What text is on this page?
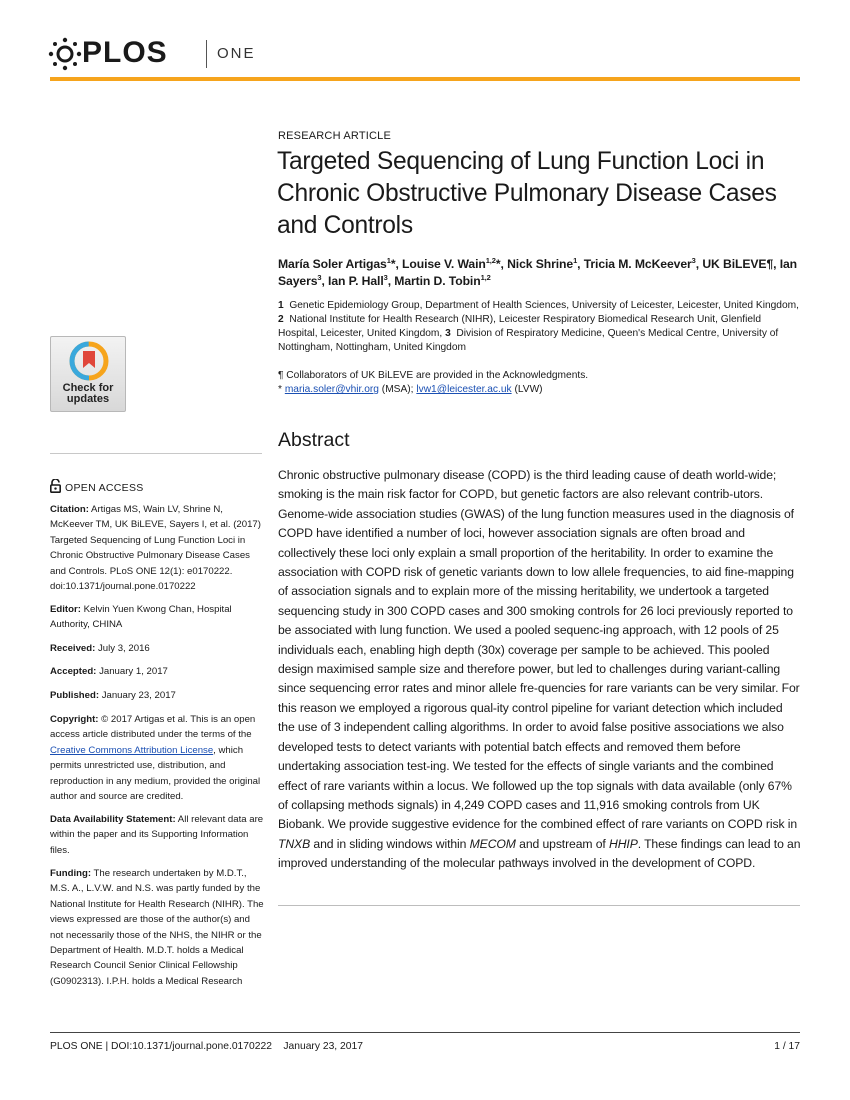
PLOS	ONE
Check for
updates
OPEN ACCESS
Citation: Artigas MS, Wain LV, Shrine N, McKeever TM, UK BiLEVE, Sayers I, et al. (2017) Targeted Sequencing of Lung Function Loci in Chronic Obstructive Pulmonary Disease Cases and Controls. PLoS ONE 12(1): e0170222. doi:10.1371/journal.pone.0170222
Editor: Kelvin Yuen Kwong Chan, Hospital Authority, CHINA
Received: July 3, 2016
Accepted: January 1, 2017
Published: January 23, 2017
Copyright: © 2017 Artigas et al. This is an open access article distributed under the terms of the Creative Commons Attribution License, which permits unrestricted use, distribution, and reproduction in any medium, provided the original author and source are credited.
Data Availability Statement: All relevant data are within the paper and its Supporting Information files.
Funding: The research undertaken by M.D.T., M.S. A., L.V.W. and N.S. was partly funded by the National Institute for Health Research (NIHR). The views expressed are those of the author(s) and not necessarily those of the NHS, the NIHR or the Department of Health. M.D.T. holds a Medical Research Council Senior Clinical Fellowship (G0902313). I.P.H. holds a Medical Research
RESEARCH ARTICLE
Targeted Sequencing of Lung Function Loci in Chronic Obstructive Pulmonary Disease Cases and Controls
María Soler Artigas$^1$*, Louise V. Wain$^{1,2}$*, Nick Shrine$^1$, Tricia M. McKeever$^3$, UK BiLEVE¶, Ian Sayers$^3$, Ian P. Hall$^3$, Martin D. Tobin$^{1,2}$
1  Genetic Epidemiology Group, Department of Health Sciences, University of Leicester, Leicester, United Kingdom, 2  National Institute for Health Research (NIHR), Leicester Respiratory Biomedical Research Unit, Glenfield Hospital, Leicester, United Kingdom, 3  Division of Respiratory Medicine, Queen's Medical Centre, University of Nottingham, Nottingham, United Kingdom
¶ Collaborators of UK BiLEVE are provided in the Acknowledgments.
* maria.soler@vhir.org (MSA); lvw1@leicester.ac.uk (LVW)
Abstract

Chronic obstructive pulmonary disease (COPD) is the third leading cause of death world-wide; smoking is the main risk factor for COPD, but genetic factors are also relevant contrib-utors. Genome-wide association studies (GWAS) of the lung function measures used in the diagnosis of COPD have identified a number of loci, however association signals are often broad and collectively these loci only explain a small proportion of the heritability. In order to examine the association with COPD risk of genetic variants down to low allele frequencies, to aid fine-mapping of association signals and to explain more of the missing heritability, we undertook a targeted sequencing study in 300 COPD cases and 300 smoking controls for 26 loci previously reported to be associated with lung function. We used a pooled sequenc-ing approach, with 12 pools of 25 individuals each, enabling high depth (30x) coverage per sample to be achieved. This pooled design maximised sample size and therefore power, but led to challenges during variant-calling since sequencing error rates and minor allele fre-quencies for rare variants can be very similar. For this reason we employed a rigorous qual-ity control pipeline for variant detection which included the use of 3 independent calling algorithms. In order to avoid false positive associations we also developed tests to detect variants with potential batch effects and removed them before undertaking association test-ing. We tested for the effects of single variants and the combined effect of rare variants within a locus. We followed up the top signals with data available (only 67% of collapsing methods signals) in 4,249 COPD cases and 11,916 smoking controls from UK Biobank. We provide suggestive evidence for the combined effect of rare variants on COPD risk in TNXB and in sliding windows within MECOM and upstream of HHIP. These findings can lead to an improved understanding of the molecular pathways involved in the development of COPD.

PLOS ONE | DOI:10.1371/journal.pone.0170222    January 23, 2017	1 / 17
